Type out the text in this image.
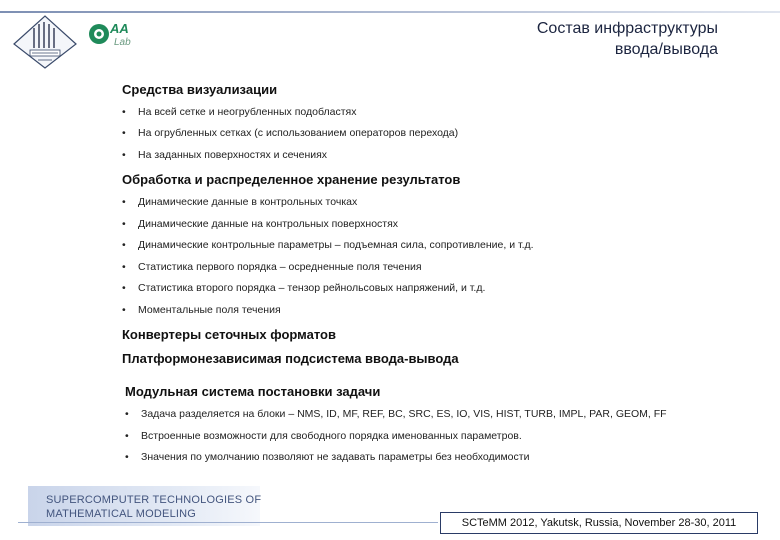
AA
Lab
Состав инфраструктуры
ввода/вывода
Средства визуализации
• На всей сетке и неогрубленных подобластях
• На огрубленных сетках (с использованием операторов перехода)
• На заданных поверхностях и сечениях
Обработка и распределенное хранение результатов
• Динамические данные в контрольных точках
• Динамические данные на контрольных поверхностях
• Динамические контрольные параметры – подъемная сила, сопротивление, и т.д.
• Статистика первого порядка – осредненные поля течения
• Статистика второго порядка – тензор рейнольсовых напряжений, и т.д.
• Моментальные поля течения
Конвертеры сеточных форматов
Платформонезависимая подсистема ввода-вывода
Модульная система постановки задачи
• Задача разделяется на блоки – NMS, ID, MF, REF, BC, SRC, ES, IO, VIS, HIST, TURB, IMPL, PAR, GEOM, FF
• Встроенные возможности для свободного порядка именованных параметров.
• Значения по умолчанию позволяют не задавать параметры без необходимости
SUPERCOMPUTER TECHNOLOGIES OF
MATHEMATICAL MODELING
SCTeMM 2012, Yakutsk, Russia, November 28-30, 2011
